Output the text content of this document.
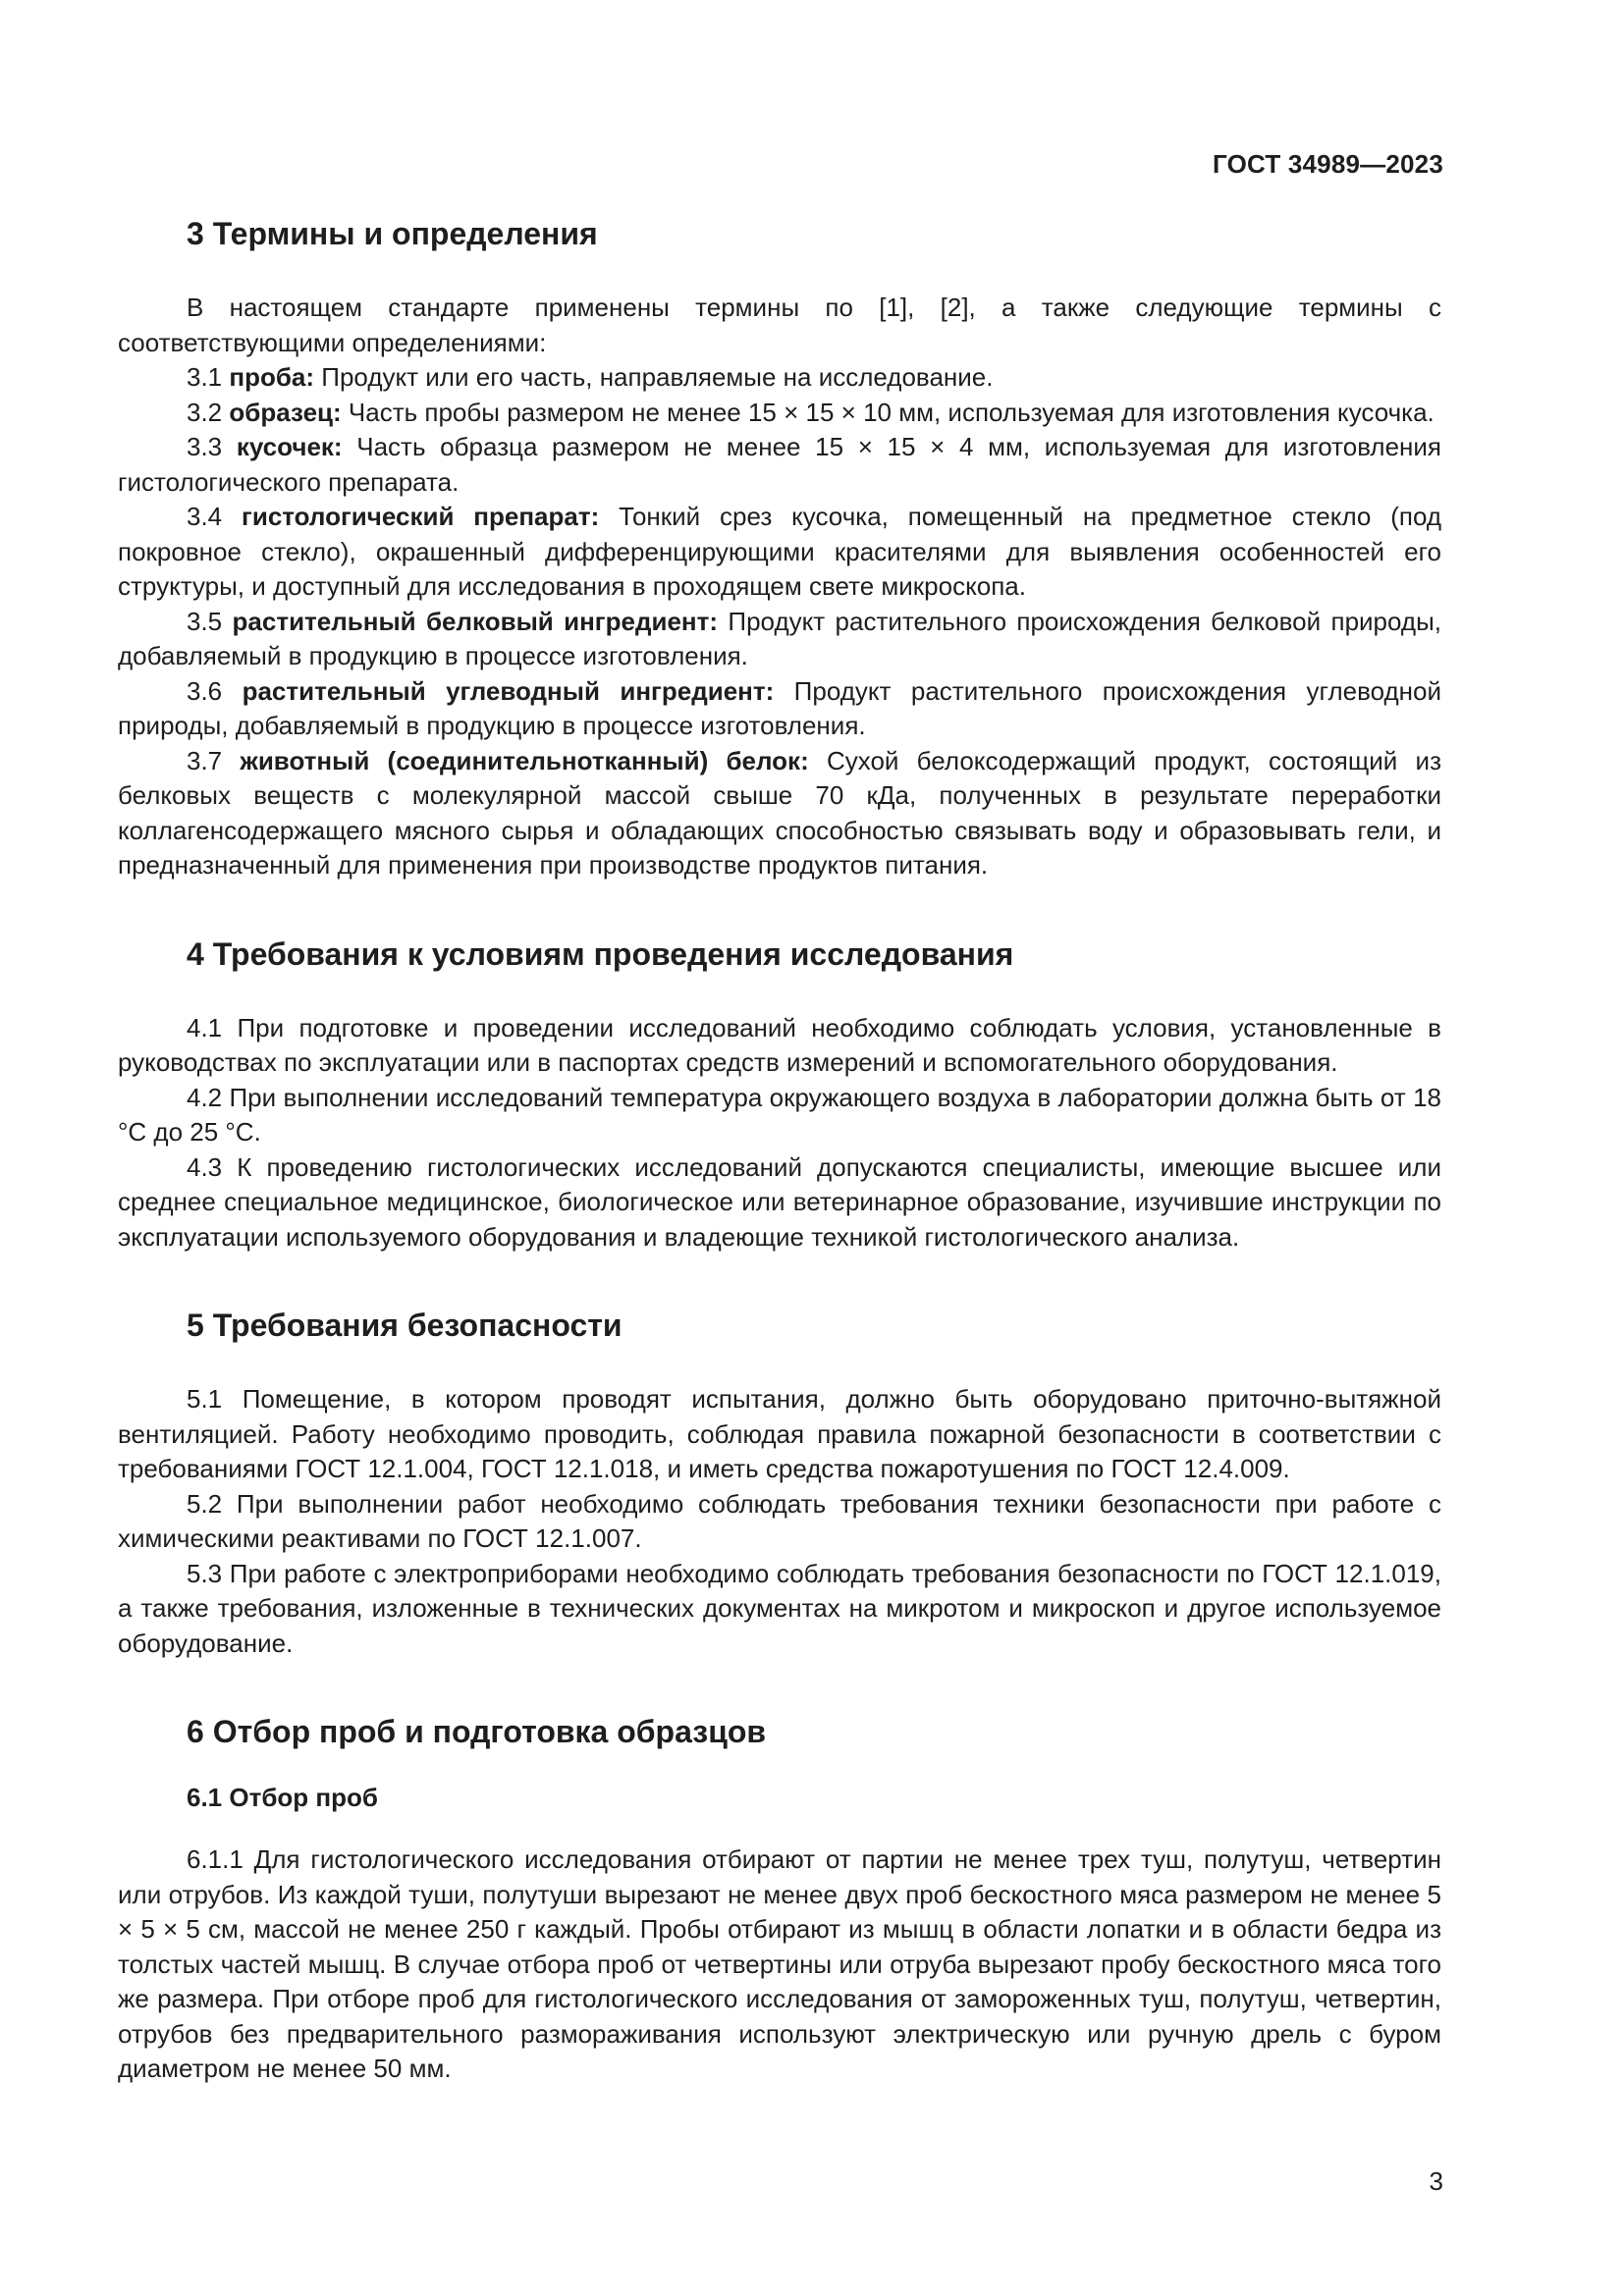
ГОСТ 34989—2023
3 Термины и определения

В настоящем стандарте применены термины по [1], [2], а также следующие термины с соответствующими определениями:

3.1 проба: Продукт или его часть, направляемые на исследование.

3.2 образец: Часть пробы размером не менее 15 × 15 × 10 мм, используемая для изготовления кусочка.

3.3 кусочек: Часть образца размером не менее 15 × 15 × 4 мм, используемая для изготовления гистологического препарата.

3.4 гистологический препарат: Тонкий срез кусочка, помещенный на предметное стекло (под покровное стекло), окрашенный дифференцирующими красителями для выявления особенностей его структуры, и доступный для исследования в проходящем свете микроскопа.

3.5 растительный белковый ингредиент: Продукт растительного происхождения белковой природы, добавляемый в продукцию в процессе изготовления.

3.6 растительный углеводный ингредиент: Продукт растительного происхождения углеводной природы, добавляемый в продукцию в процессе изготовления.

3.7 животный (соединительнотканный) белок: Сухой белоксодержащий продукт, состоящий из белковых веществ с молекулярной массой свыше 70 кДа, полученных в результате переработки коллагенсодержащего мясного сырья и обладающих способностью связывать воду и образовывать гели, и предназначенный для применения при производстве продуктов питания.

4 Требования к условиям проведения исследования

4.1 При подготовке и проведении исследований необходимо соблюдать условия, установленные в руководствах по эксплуатации или в паспортах средств измерений и вспомогательного оборудования.

4.2 При выполнении исследований температура окружающего воздуха в лаборатории должна быть от 18 °С до 25 °С.

4.3 К проведению гистологических исследований допускаются специалисты, имеющие высшее или среднее специальное медицинское, биологическое или ветеринарное образование, изучившие инструкции по эксплуатации используемого оборудования и владеющие техникой гистологического анализа.

5 Требования безопасности

5.1 Помещение, в котором проводят испытания, должно быть оборудовано приточно-вытяжной вентиляцией. Работу необходимо проводить, соблюдая правила пожарной безопасности в соответствии с требованиями ГОСТ 12.1.004, ГОСТ 12.1.018, и иметь средства пожаротушения по ГОСТ 12.4.009.

5.2 При выполнении работ необходимо соблюдать требования техники безопасности при работе с химическими реактивами по ГОСТ 12.1.007.

5.3 При работе с электроприборами необходимо соблюдать требования безопасности по ГОСТ 12.1.019, а также требования, изложенные в технических документах на микротом и микроскоп и другое используемое оборудование.

6 Отбор проб и подготовка образцов
6.1 Отбор проб

6.1.1 Для гистологического исследования отбирают от партии не менее трех туш, полутуш, четвертин или отрубов. Из каждой туши, полутуши вырезают не менее двух проб бескостного мяса размером не менее 5 × 5 × 5 см, массой не менее 250 г каждый. Пробы отбирают из мышц в области лопатки и в области бедра из толстых частей мышц. В случае отбора проб от четвертины или отруба вырезают пробу бескостного мяса того же размера. При отборе проб для гистологического исследования от замороженных туш, полутуш, четвертин, отрубов без предварительного размораживания используют электрическую или ручную дрель с буром диаметром не менее 50 мм.

3
